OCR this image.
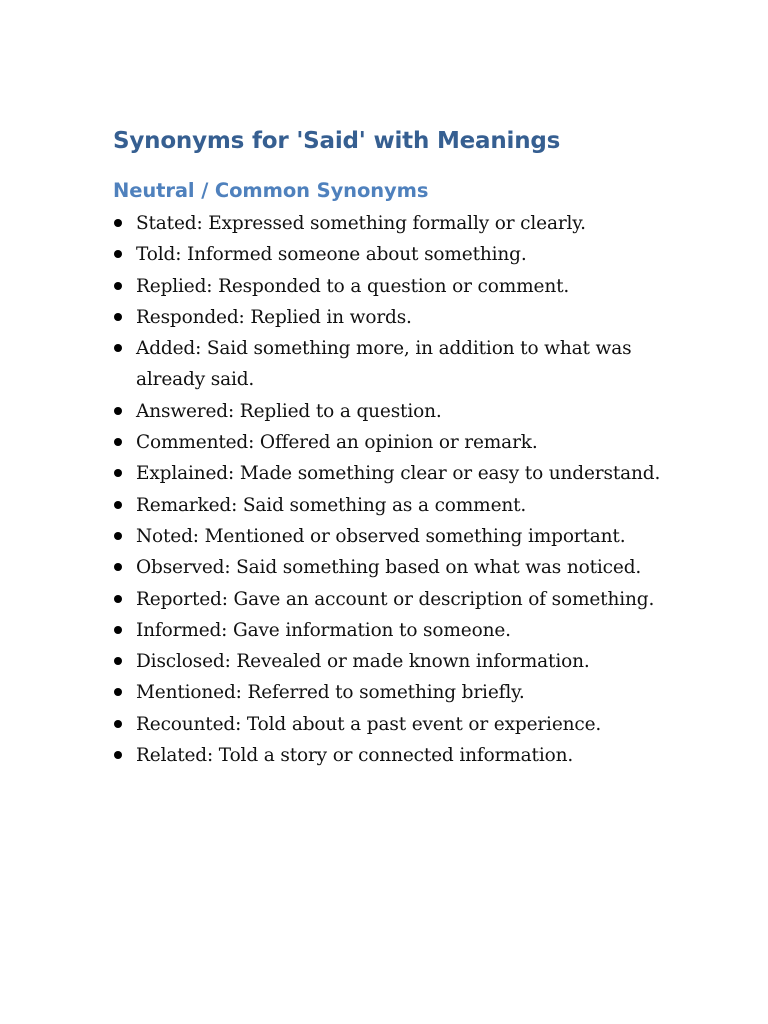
Synonyms for 'Said' with Meanings
Neutral / Common Synonyms
Stated: Expressed something formally or clearly.
Told: Informed someone about something.
Replied: Responded to a question or comment.
Responded: Replied in words.
Added: Said something more, in addition to what was already said.
Answered: Replied to a question.
Commented: Offered an opinion or remark.
Explained: Made something clear or easy to understand.
Remarked: Said something as a comment.
Noted: Mentioned or observed something important.
Observed: Said something based on what was noticed.
Reported: Gave an account or description of something.
Informed: Gave information to someone.
Disclosed: Revealed or made known information.
Mentioned: Referred to something briefly.
Recounted: Told about a past event or experience.
Related: Told a story or connected information.
